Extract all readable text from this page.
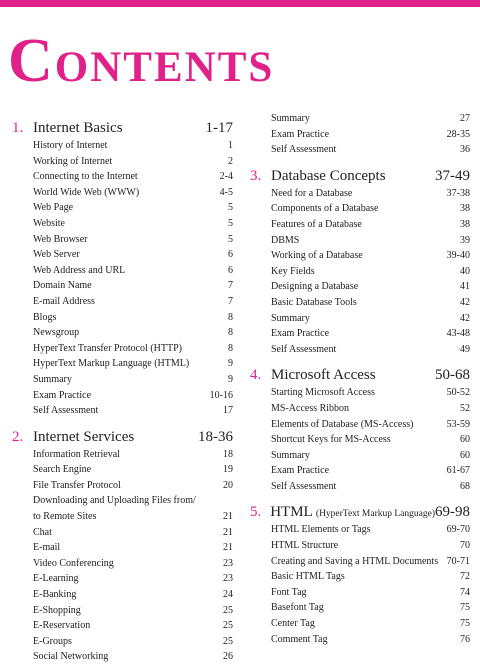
Contents
1. Internet Basics	1-17
History of Internet	1
Working of Internet	2
Connecting to the Internet	2-4
World Wide Web (WWW)	4-5
Web Page	5
Website	5
Web Browser	5
Web Server	6
Web Address and URL	6
Domain Name	7
E-mail Address	7
Blogs	8
Newsgroup	8
HyperText Transfer Protocol (HTTP)	8
HyperText Markup Language (HTML)	9
Summary	9
Exam Practice	10-16
Self Assessment	17
2. Internet Services	18-36
Information Retrieval	18
Search Engine	19
File Transfer Protocol	20
Downloading and Uploading Files from/
to Remote Sites	21
Chat	21
E-mail	21
Video Conferencing	23
E-Learning	23
E-Banking	24
E-Shopping	25
E-Reservation	25
E-Groups	25
Social Networking	26
Summary	27
Exam Practice	28-35
Self Assessment	36
3. Database Concepts	37-49
Need for a Database	37-38
Components of a Database	38
Features of a Database	38
DBMS	39
Working of a Database	39-40
Key Fields	40
Designing a Database	41
Basic Database Tools	42
Summary	42
Exam Practice	43-48
Self Assessment	49
4. Microsoft Access	50-68
Starting Microsoft Access	50-52
MS-Access Ribbon	52
Elements of Database (MS-Access)	53-59
Shortcut Keys for MS-Access	60
Summary	60
Exam Practice	61-67
Self Assessment	68
5. HTML (HyperText Markup Language) 69-98
HTML Elements or Tags	69-70
HTML Structure	70
Creating and Saving a HTML Documents 70-71
Basic HTML Tags	72
Font Tag	74
Basefont Tag	75
Center Tag	75
Comment Tag	76
